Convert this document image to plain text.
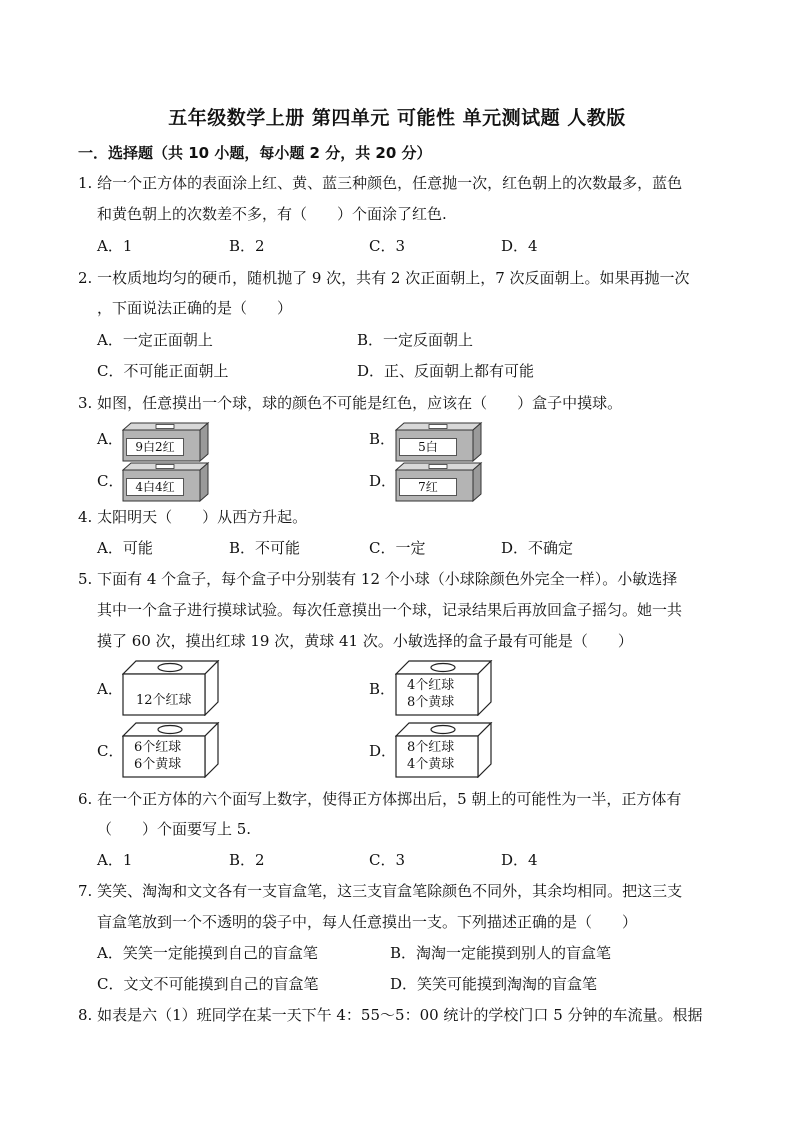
五年级数学上册 第四单元 可能性 单元测试题 人教版
一．选择题（共 10 小题，每小题 2 分，共 20 分）
1. 给一个正方体的表面涂上红、黄、蓝三种颜色，任意抛一次，红色朝上的次数最多，蓝色
和黄色朝上的次数差不多，有（　　）个面涂了红色.
A．1	B．2	C．3	D．4
2. 一枚质地均匀的硬币，随机抛了 9 次，共有 2 次正面朝上，7 次反面朝上。如果再抛一次
，下面说法正确的是（　　）
A．一定正面朝上	B．一定反面朝上
C．不可能正面朝上	D．正、反面朝上都有可能
3. 如图，任意摸出一个球，球的颜色不可能是红色，应该在（　　）盒子中摸球。
A．	9白2红	B．	5白
C． 4白4红	D．	7红
4. 太阳明天（　　）从西方升起。
A．可能	B．不可能	C．一定	D．不确定
5. 下面有 4 个盒子，每个盒子中分别装有 12 个小球（小球除颜色外完全一样）。小敏选择
其中一个盒子进行摸球试验。每次任意摸出一个球，记录结果后再放回盒子摇匀。她一共
摸了 60 次，摸出红球 19 次，黄球 41 次。小敏选择的盒子最有可能是（　　）
A．
12个红球
B． 4个红球
8个黄球
C． 6个红球
6个黄球
D． 8个红球
4个黄球
6. 在一个正方体的六个面写上数字，使得正方体掷出后，5 朝上的可能性为一半，正方体有
（　　）个面要写上 5.
A．1	B．2	C．3	D．4
7. 笑笑、淘淘和文文各有一支盲盒笔，这三支盲盒笔除颜色不同外，其余均相同。把这三支
盲盒笔放到一个不透明的袋子中，每人任意摸出一支。下列描述正确的是（　　）
A．笑笑一定能摸到自己的盲盒笔	B．淘淘一定能摸到别人的盲盒笔
C．文文不可能摸到自己的盲盒笔	D．笑笑可能摸到淘淘的盲盒笔
8. 如表是六（1）班同学在某一天下午 4：55～5：00 统计的学校门口 5 分钟的车流量。根据
